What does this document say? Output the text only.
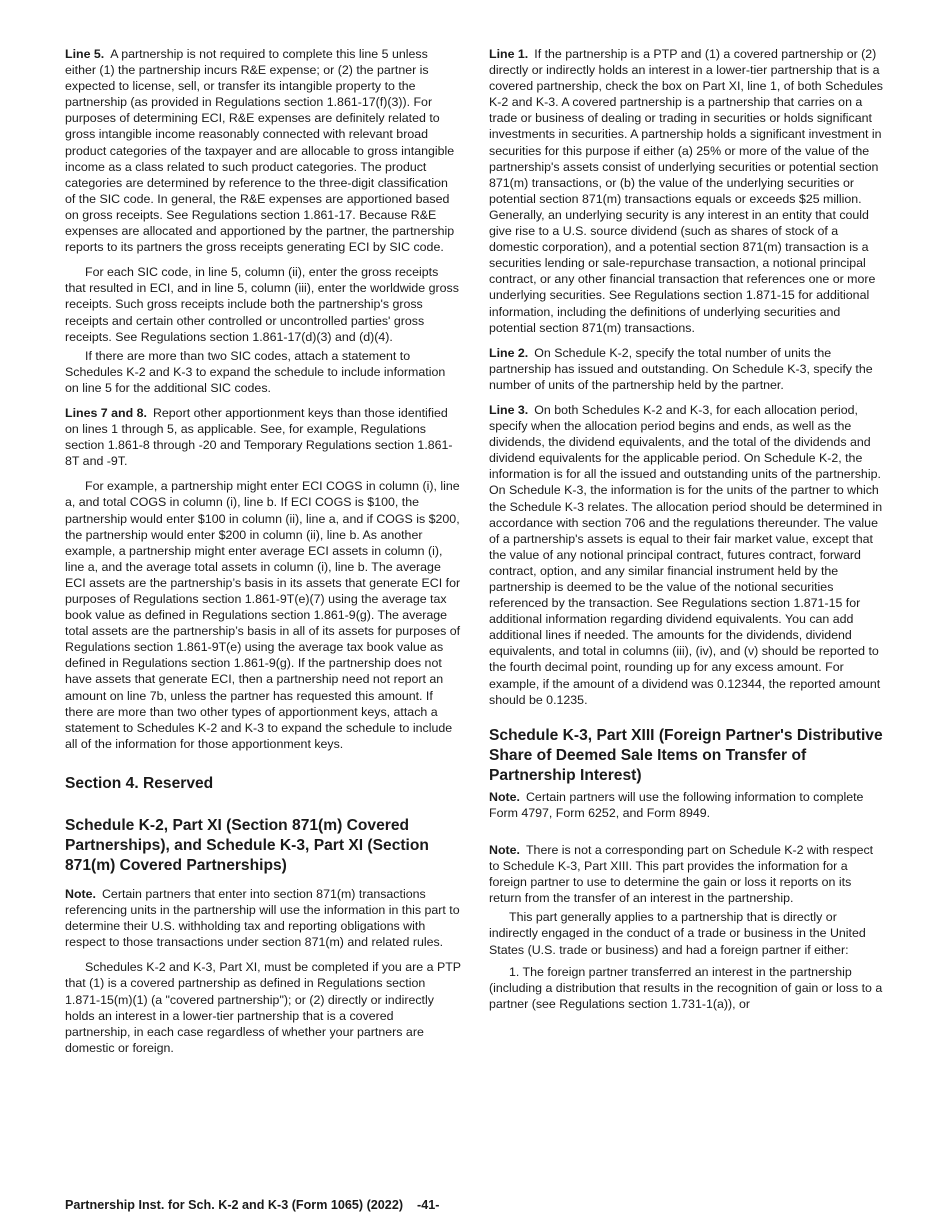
Line 5. A partnership is not required to complete this line 5 unless either (1) the partnership incurs R&E expense; or (2) the partner is expected to license, sell, or transfer its intangible property to the partnership (as provided in Regulations section 1.861-17(f)(3)). For purposes of determining ECI, R&E expenses are definitely related to gross intangible income reasonably connected with relevant broad product categories of the taxpayer and are allocable to gross intangible income as a class related to such product categories. The product categories are determined by reference to the three-digit classification of the SIC code. In general, the R&E expenses are apportioned based on gross receipts. See Regulations section 1.861-17. Because R&E expenses are allocated and apportioned by the partner, the partnership reports to its partners the gross receipts generating ECI by SIC code.

For each SIC code, in line 5, column (ii), enter the gross receipts that resulted in ECI, and in line 5, column (iii), enter the worldwide gross receipts. Such gross receipts include both the partnership's gross receipts and certain other controlled or uncontrolled parties' gross receipts. See Regulations section 1.861-17(d)(3) and (d)(4).

If there are more than two SIC codes, attach a statement to Schedules K-2 and K-3 to expand the schedule to include information on line 5 for the additional SIC codes.

Lines 7 and 8. Report other apportionment keys than those identified on lines 1 through 5, as applicable. See, for example, Regulations section 1.861-8 through -20 and Temporary Regulations section 1.861-8T and -9T.

For example, a partnership might enter ECI COGS in column (i), line a, and total COGS in column (i), line b. If ECI COGS is $100, the partnership would enter $100 in column (ii), line a, and if COGS is $200, the partnership would enter $200 in column (ii), line b. As another example, a partnership might enter average ECI assets in column (i), line a, and the average total assets in column (i), line b. The average ECI assets are the partnership’s basis in its assets that generate ECI for purposes of Regulations section 1.861-9T(e)(7) using the average tax book value as defined in Regulations section 1.861-9(g). The average total assets are the partnership’s basis in all of its assets for purposes of Regulations section 1.861-9T(e) using the average tax book value as defined in Regulations section 1.861-9(g). If the partnership does not have assets that generate ECI, then a partnership need not report an amount on line 7b, unless the partner has requested this amount. If there are more than two other types of apportionment keys, attach a statement to Schedules K-2 and K-3 to expand the schedule to include all of the information for those apportionment keys.

Section 4. Reserved
Schedule K-2, Part XI (Section 871(m) Covered Partnerships), and Schedule K-3, Part XI (Section 871(m) Covered Partnerships)

Note. Certain partners that enter into section 871(m) transactions referencing units in the partnership will use the information in this part to determine their U.S. withholding tax and reporting obligations with respect to those transactions under section 871(m) and related rules.

Schedules K-2 and K-3, Part XI, must be completed if you are a PTP that (1) is a covered partnership as defined in Regulations section 1.871-15(m)(1) (a "covered partnership"); or (2) directly or indirectly holds an interest in a lower-tier partnership that is a covered partnership, in each case regardless of whether your partners are domestic or foreign.

Line 1. If the partnership is a PTP and (1) a covered partnership or (2) directly or indirectly holds an interest in a lower-tier partnership that is a covered partnership, check the box on Part XI, line 1, of both Schedules K-2 and K-3. A covered partnership is a partnership that carries on a trade or business of dealing or trading in securities or holds significant investments in securities. A partnership holds a significant investment in securities for this purpose if either (a) 25% or more of the value of the partnership's assets consist of underlying securities or potential section 871(m) transactions, or (b) the value of the underlying securities or potential section 871(m) transactions equals or exceeds $25 million. Generally, an underlying security is any interest in an entity that could give rise to a U.S. source dividend (such as shares of stock of a domestic corporation), and a potential section 871(m) transaction is a securities lending or sale-repurchase transaction, a notional principal contract, or any other financial transaction that references one or more underlying securities. See Regulations section 1.871-15 for additional information, including the definitions of underlying securities and potential section 871(m) transactions.

Line 2. On Schedule K-2, specify the total number of units the partnership has issued and outstanding. On Schedule K-3, specify the number of units of the partnership held by the partner.

Line 3. On both Schedules K-2 and K-3, for each allocation period, specify when the allocation period begins and ends, as well as the dividends, the dividend equivalents, and the total of the dividends and dividend equivalents for the applicable period. On Schedule K-2, the information is for all the issued and outstanding units of the partnership. On Schedule K-3, the information is for the units of the partner to which the Schedule K-3 relates. The allocation period should be determined in accordance with section 706 and the regulations thereunder. The value of a partnership's assets is equal to their fair market value, except that the value of any notional principal contract, futures contract, forward contract, option, and any similar financial instrument held by the partnership is deemed to be the value of the notional securities referenced by the transaction. See Regulations section 1.871-15 for additional information regarding dividend equivalents. You can add additional lines if needed. The amounts for the dividends, dividend equivalents, and total in columns (iii), (iv), and (v) should be reported to the fourth decimal point, rounding up for any excess amount. For example, if the amount of a dividend was 0.12344, the reported amount should be 0.1235.

Schedule K-3, Part XIII (Foreign Partner's Distributive Share of Deemed Sale Items on Transfer of Partnership Interest)

Note. Certain partners will use the following information to complete Form 4797, Form 6252, and Form 8949.

Note. There is not a corresponding part on Schedule K-2 with respect to Schedule K-3, Part XIII. This part provides the information for a foreign partner to use to determine the gain or loss it reports on its return from the transfer of an interest in the partnership.

This part generally applies to a partnership that is directly or indirectly engaged in the conduct of a trade or business in the United States (U.S. trade or business) and had a foreign partner if either:

1. The foreign partner transferred an interest in the partnership (including a distribution that results in the recognition of gain or loss to a partner (see Regulations section 1.731-1(a)), or

Partnership Inst. for Sch. K-2 and K-3 (Form 1065) (2022) -41-
